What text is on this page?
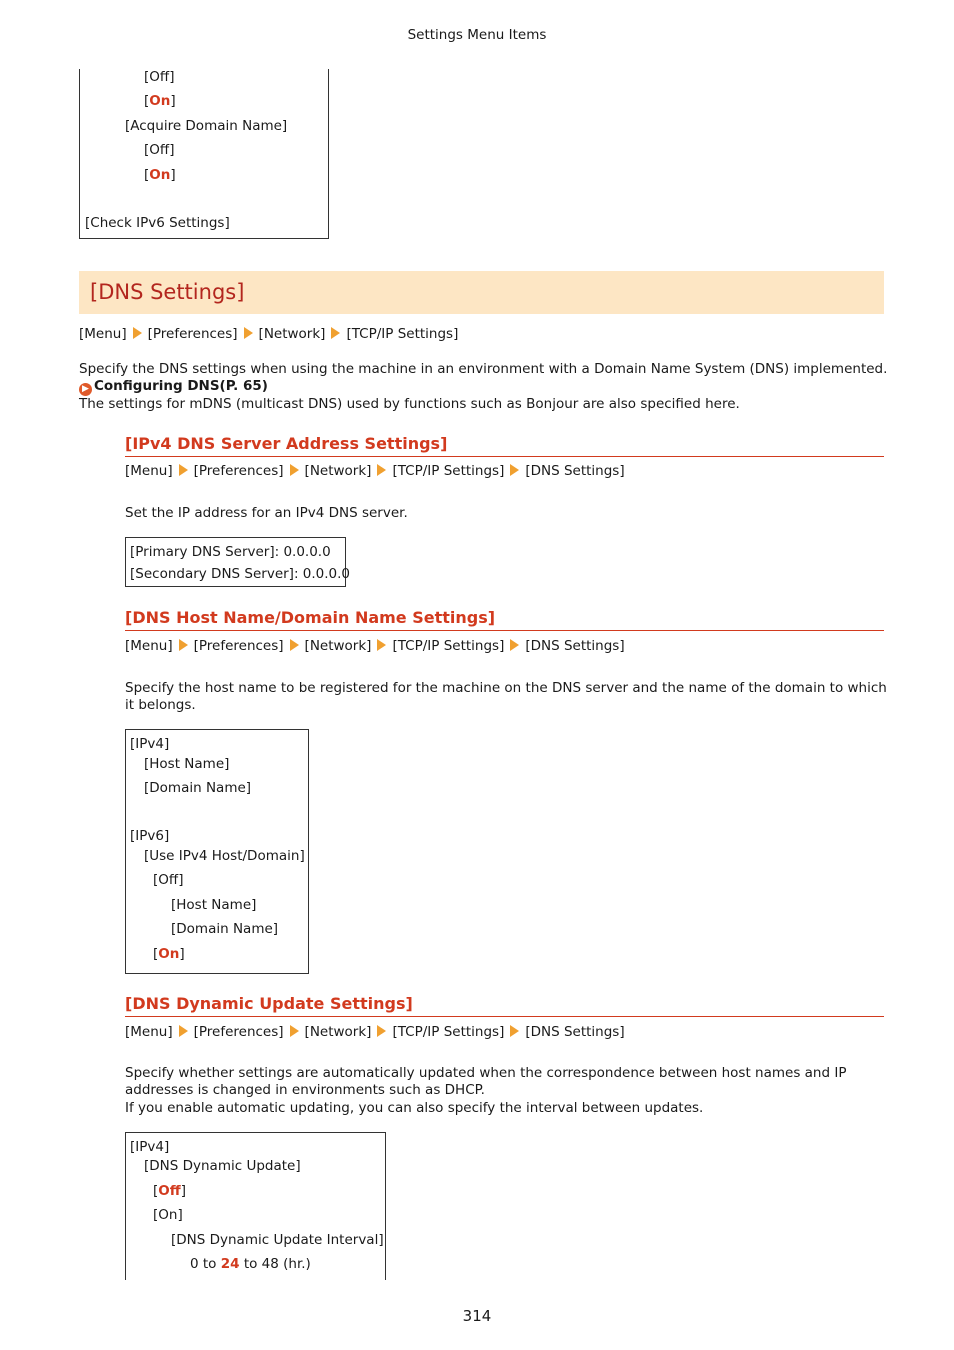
Settings Menu Items
[Off]
[On]
[Acquire Domain Name]
[Off]
[On]
[Check IPv6 Settings]
[DNS Settings]
[Menu] [Preferences] [Network] [TCP/IP Settings]
Specify the DNS settings when using the machine in an environment with a Domain Name System (DNS) implemented.
▶ Configuring DNS(P. 65)
The settings for mDNS (multicast DNS) used by functions such as Bonjour are also specified here.
[IPv4 DNS Server Address Settings]
[Menu] [Preferences] [Network] [TCP/IP Settings] [DNS Settings]
Set the IP address for an IPv4 DNS server.
[Primary DNS Server]: 0.0.0.0
[Secondary DNS Server]: 0.0.0.0
[DNS Host Name/Domain Name Settings]
[Menu] [Preferences] [Network] [TCP/IP Settings] [DNS Settings]
Specify the host name to be registered for the machine on the DNS server and the name of the domain to which
it belongs.
[IPv4]
[Host Name]
[Domain Name]
[IPv6]
[Use IPv4 Host/Domain]
[Off]
[Host Name]
[Domain Name]
[On]
[DNS Dynamic Update Settings]
[Menu] [Preferences] [Network] [TCP/IP Settings] [DNS Settings]
Specify whether settings are automatically updated when the correspondence between host names and IP
addresses is changed in environments such as DHCP.
If you enable automatic updating, you can also specify the interval between updates.
[IPv4]
[DNS Dynamic Update]
[Off]
[On]
[DNS Dynamic Update Interval]
0 to 24 to 48 (hr.)
314
